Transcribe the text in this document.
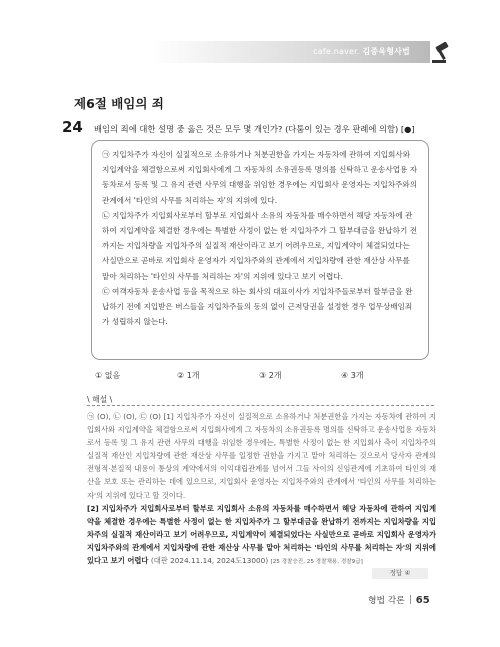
cafe.naver. 김중욱형사법
제6절 배임의 죄
24 배임의 죄에 대한 설명 중 옳은 것은 모두 몇 개인가? (다툼이 있는 경우 판례에 의함) [●]

㉠ 지입차주가 자신이 실질적으로 소유하거나 처분권한을 가지는 자동차에 관하여 지입회사와 지입계약을 체결함으로써 지입회사에게 그 자동차의 소유권등록 명의를 신탁하고 운송사업용 자동차로서 등록 및 그 유지 관련 사무의 대행을 위임한 경우에는 지입회사 운영자는 지입차주와의 관계에서 '타인의 사무를 처리하는 자'의 지위에 있다.

㉡ 지입차주가 지입회사로부터 할부로 지입회사 소유의 자동차를 매수하면서 해당 자동차에 관하여 지입계약을 체결한 경우에는 특별한 사정이 없는 한 지입차주가 그 할부대금을 완납하기 전까지는 지입차량을 지입차주의 실질적 재산이라고 보기 어려우므로, 지입계약이 체결되었다는 사실만으로 곧바로 지입회사 운영자가 지입차주와의 관계에서 지입차량에 관한 재산상 사무를 맡아 처리하는 '타인의 사무를 처리하는 자'의 지위에 있다고 보기 어렵다.

㉢ 여객자동차 운송사업 등을 목적으로 하는 회사의 대표이사가 지입차주들로부터 할부금을 완납하기 전에 지입받은 버스들을 지입차주들의 동의 없이 근저당권을 설정한 경우 업무상배임죄가 성립하지 않는다.

① 없음	② 1개	③ 2개	④ 3개
\ 해설 \

㉠ (O), ㉡ (O), ㉢ (O) [1] 지입차주가 자신이 실질적으로 소유하거나 처분권한을 가지는 자동차에 관하여 지입회사와 지입계약을 체결함으로써 지입회사에게 그 자동차의 소유권등록 명의를 신탁하고 운송사업용 자동차로서 등록 및 그 유지 관련 사무의 대행을 위임한 경우에는, 특별한 사정이 없는 한 지입회사 측이 지입차주의 실질적 재산인 지입차량에 관한 재산상 사무를 일정한 권한을 가지고 맡아 처리하는 것으로서 당사자 관계의 전형적·본질적 내용이 통상의 계약에서의 이익대립관계를 넘어서 그들 사이의 신임관계에 기초하여 타인의 재산을 보호 또는 관리하는 데에 있으므로, 지입회사 운영자는 지입차주와의 관계에서 '타인의 사무를 처리하는 자'의 지위에 있다고 할 것이다.

[2] 지입차주가 지입회사로부터 할부로 지입회사 소유의 자동차를 매수하면서 해당 자동차에 관하여 지입계약을 체결한 경우에는 특별한 사정이 없는 한 지입차주가 그 할부대금을 완납하기 전까지는 지입차량을 지입차주의 실질적 재산이라고 보기 어려우므로, 지입계약이 체결되었다는 사실만으로 곧바로 지입회사 운영자가 지입차주와의 관계에서 지입차량에 관한 재산상 사무를 맡아 처리하는 '타인의 사무를 처리하는 자'의 지위에 있다고 보기 어렵다 (대판 2024.11.14, 2024도13000) [25 경찰승진, 25 경찰채용, 경찰9급]

정답 ④
형법 각론 65
